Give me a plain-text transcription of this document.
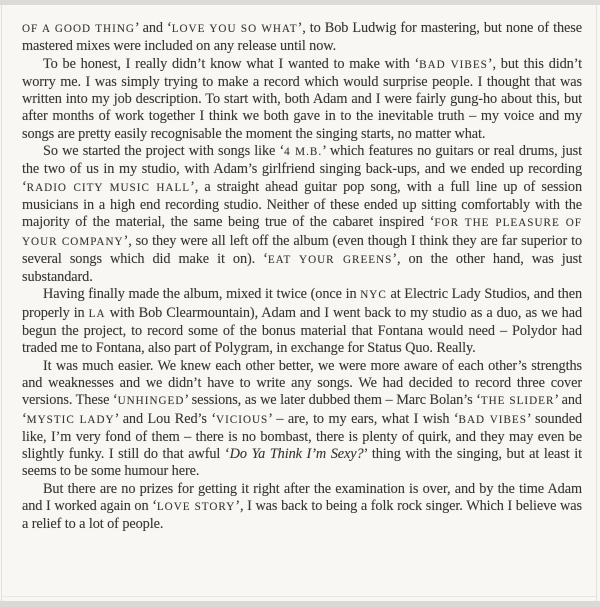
OF A GOOD THING’ and ‘LOVE YOU SO WHAT’, to Bob Ludwig for mastering, but none of these mastered mixes were included on any release until now.

To be honest, I really didn’t know what I wanted to make with ‘BAD VIBES’, but this didn’t worry me. I was simply trying to make a record which would surprise people. I thought that was written into my job description. To start with, both Adam and I were fairly gung-ho about this, but after months of work together I think we both gave in to the inevitable truth – my voice and my songs are pretty easily recognisable the moment the singing starts, no matter what.

So we started the project with songs like ‘4 M.B.’ which features no guitars or real drums, just the two of us in my studio, with Adam’s girlfriend singing back-ups, and we ended up recording ‘RADIO CITY MUSIC HALL’, a straight ahead guitar pop song, with a full line up of session musicians in a high end recording studio. Neither of these ended up sitting comfortably with the majority of the material, the same being true of the cabaret inspired ‘FOR THE PLEASURE OF YOUR COMPANY’, so they were all left off the album (even though I think they are far superior to several songs which did make it on). ‘EAT YOUR GREENS’, on the other hand, was just substandard.

Having finally made the album, mixed it twice (once in NYC at Electric Lady Studios, and then properly in LA with Bob Clearmountain), Adam and I went back to my studio as a duo, as we had begun the project, to record some of the bonus material that Fontana would need – Polydor had traded me to Fontana, also part of Polygram, in exchange for Status Quo. Really.

It was much easier. We knew each other better, we were more aware of each other’s strengths and weaknesses and we didn’t have to write any songs. We had decided to record three cover versions. These ‘UNHINGED’ sessions, as we later dubbed them – Marc Bolan’s ‘THE SLIDER’ and ‘MYSTIC LADY’ and Lou Red’s ‘VICIOUS’ – are, to my ears, what I wish ‘BAD VIBES’ sounded like, I’m very fond of them – there is no bombast, there is plenty of quirk, and they may even be slightly funky. I still do that awful ‘Do Ya Think I’m Sexy?’ thing with the singing, but at least it seems to be some humour here.

But there are no prizes for getting it right after the examination is over, and by the time Adam and I worked again on ‘LOVE STORY’, I was back to being a folk rock singer. Which I believe was a relief to a lot of people.
